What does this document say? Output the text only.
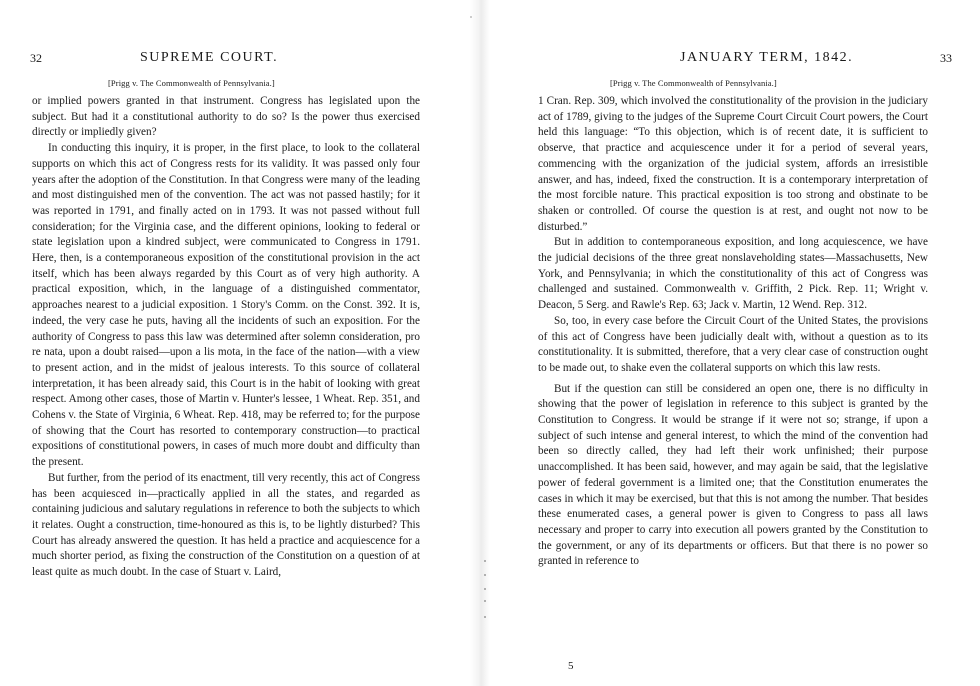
32	SUPREME COURT.
[Prigg v. The Commonwealth of Pennsylvania.]

or implied powers granted in that instrument. Congress has legislated upon the subject. But had it a constitutional authority to do so? Is the power thus exercised directly or impliedly given?

In conducting this inquiry, it is proper, in the first place, to look to the collateral supports on which this act of Congress rests for its validity. It was passed only four years after the adoption of the Constitution. In that Congress were many of the leading and most distinguished men of the convention. The act was not passed hastily; for it was reported in 1791, and finally acted on in 1793. It was not passed without full consideration; for the Virginia case, and the different opinions, looking to federal or state legislation upon a kindred subject, were communicated to Congress in 1791. Here, then, is a contemporaneous exposition of the constitutional provision in the act itself, which has been always regarded by this Court as of very high authority. A practical exposition, which, in the language of a distinguished commentator, approaches nearest to a judicial exposition. 1 Story's Comm. on the Const. 392. It is, indeed, the very case he puts, having all the incidents of such an exposition. For the authority of Congress to pass this law was determined after solemn consideration, pro re nata, upon a doubt raised—upon a lis mota, in the face of the nation—with a view to present action, and in the midst of jealous interests. To this source of collateral interpretation, it has been already said, this Court is in the habit of looking with great respect. Among other cases, those of Martin v. Hunter's lessee, 1 Wheat. Rep. 351, and Cohens v. the State of Virginia, 6 Wheat. Rep. 418, may be referred to; for the purpose of showing that the Court has resorted to contemporary construction—to practical expositions of constitutional powers, in cases of much more doubt and difficulty than the present.

But further, from the period of its enactment, till very recently, this act of Congress has been acquiesced in—practically applied in all the states, and regarded as containing judicious and salutary regulations in reference to both the subjects to which it relates. Ought a construction, time-honoured as this is, to be lightly disturbed? This Court has already answered the question. It has held a practice and acquiescence for a much shorter period, as fixing the construction of the Constitution on a question of at least quite as much doubt. In the case of Stuart v. Laird,

JANUARY TERM, 1842.	33
[Prigg v. The Commonwealth of Pennsylvania.]

1 Cran. Rep. 309, which involved the constitutionality of the provision in the judiciary act of 1789, giving to the judges of the Supreme Court Circuit Court powers, the Court held this language: “To this objection, which is of recent date, it is sufficient to observe, that practice and acquiescence under it for a period of several years, commencing with the organization of the judicial system, affords an irresistible answer, and has, indeed, fixed the construction. It is a contemporary interpretation of the most forcible nature. This practical exposition is too strong and obstinate to be shaken or controlled. Of course the question is at rest, and ought not now to be disturbed.”

But in addition to contemporaneous exposition, and long acquiescence, we have the judicial decisions of the three great nonslaveholding states—Massachusetts, New York, and Pennsylvania; in which the constitutionality of this act of Congress was challenged and sustained. Commonwealth v. Griffith, 2 Pick. Rep. 11; Wright v. Deacon, 5 Serg. and Rawle's Rep. 63; Jack v. Martin, 12 Wend. Rep. 312.

So, too, in every case before the Circuit Court of the United States, the provisions of this act of Congress have been judicially dealt with, without a question as to its constitutionality. It is submitted, therefore, that a very clear case of construction ought to be made out, to shake even the collateral supports on which this law rests.

But if the question can still be considered an open one, there is no difficulty in showing that the power of legislation in reference to this subject is granted by the Constitution to Congress. It would be strange if it were not so; strange, if upon a subject of such intense and general interest, to which the mind of the convention had been so directly called, they had left their work unfinished; their purpose unaccomplished. It has been said, however, and may again be said, that the legislative power of federal government is a limited one; that the Constitution enumerates the cases in which it may be exercised, but that this is not among the number. That besides these enumerated cases, a general power is given to Congress to pass all laws necessary and proper to carry into execution all powers granted by the Constitution to the government, or any of its departments or officers. But that there is no power so granted in reference to

5
